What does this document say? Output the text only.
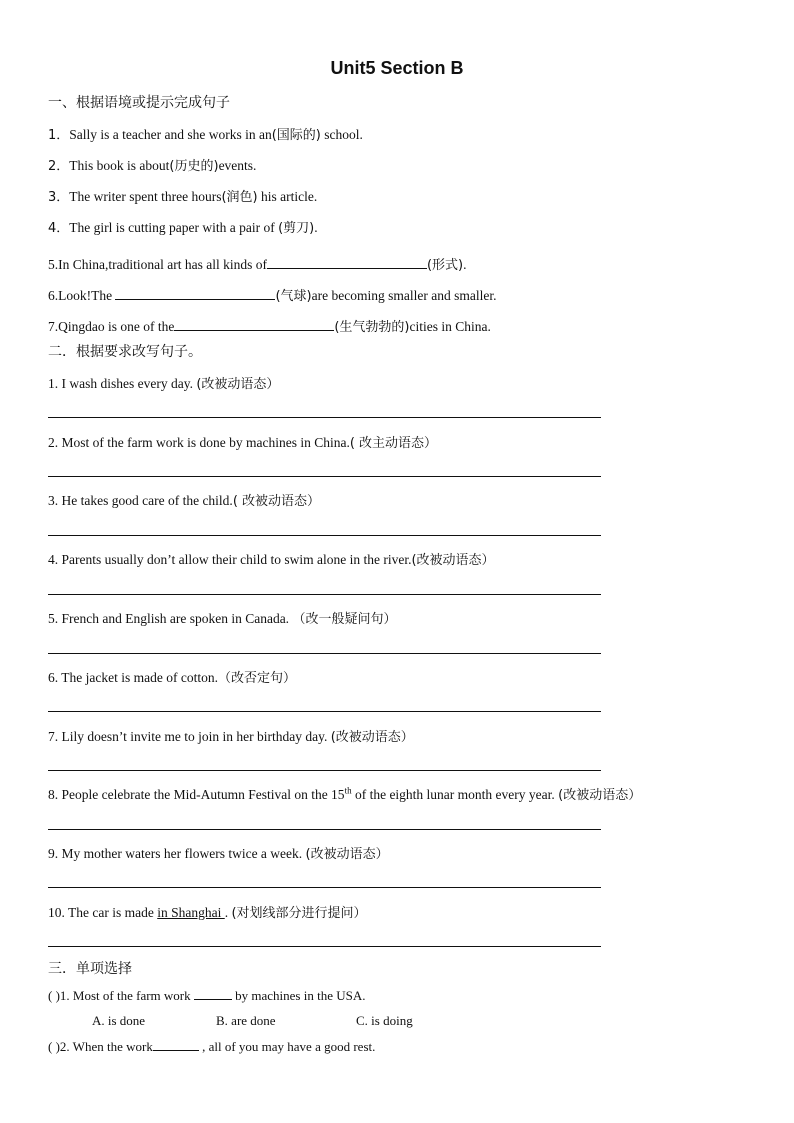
Unit5 Section B
一、根据语境或提示完成句子
1．Sally is a teacher and she works in an(国际的) school.
2．This book is about(历史的)events.
3．The writer spent three hours(润色) his article.
4．The girl is cutting paper with a pair of (剪刀).
5.In China,traditional art has all kinds of	(形式).
6.Look!The	(气球)are becoming smaller and smaller.
7.Qingdao is one of the	(生气勃勃的)cities in China.
二．根据要求改写句子。
1. I wash dishes every day. (改被动语态）
2. Most of the farm work is done by machines in China.( 改主动语态）
3. He takes good care of the child.( 改被动语态）
4. Parents usually don’t allow their child to swim alone in the river.(改被动语态）
5. French and English are spoken in Canada. （改一般疑问句）
6. The jacket is made of cotton.（改否定句）
7. Lily doesn’t invite me to join in her birthday day. (改被动语态）
8. People celebrate the Mid-Autumn Festival on the 15th of the eighth lunar month every year. (改被动语态）
9. My mother waters her flowers twice a week. (改被动语态）
10. The car is made in Shanghai . (对划线部分进行提问）
三．单项选择
( )1. Most of the farm work	by machines in the USA.
A. is done	B. are done	C. is doing
( )2. When the work	, all of you may have a good rest.
